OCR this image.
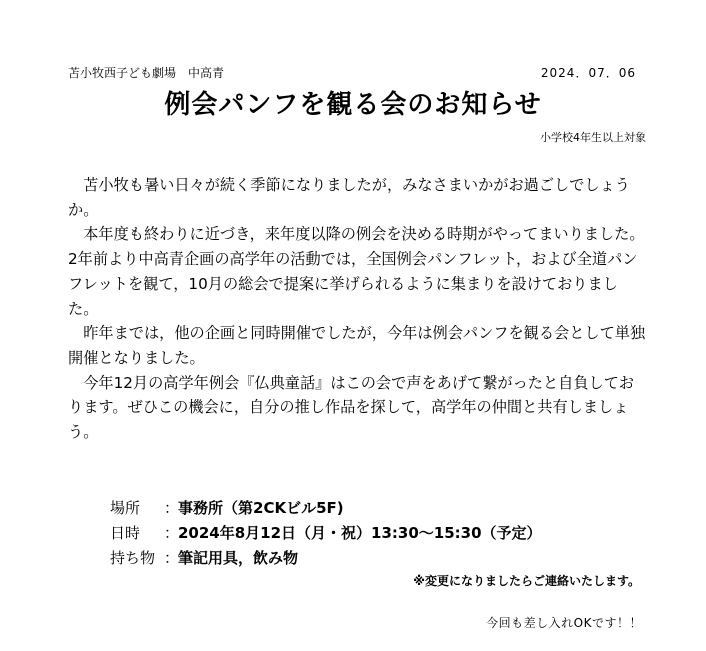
苫小牧西子ども劇場　中高青	2024．07．06
例会パンフを観る会のお知らせ
小学校4年生以上対象

苫小牧も暑い日々が続く季節になりましたが，みなさまいかがお過ごしでしょうか。

本年度も終わりに近づき，来年度以降の例会を決める時期がやってまいりました。2年前より中高青企画の高学年の活動では，全国例会パンフレット，および全道パンフレットを観て，10月の総会で提案に挙げられるように集まりを設けておりました。

昨年までは，他の企画と同時開催でしたが，今年は例会パンフを観る会として単独開催となりました。

今年12月の高学年例会『仏典童話』はこの会で声をあげて繋がったと自負しております。ぜひこの機会に，自分の推し作品を探して，高学年の仲間と共有しましょう。

場所	：
事務所（第2CKビル5F)
日時	：
2024年8月12日（月・祝）13:30～15:30（予定）
持ち物 ：
筆記用具，飲み物
※変更になりましたらご連絡いたします。
今回も差し入れOKです！！
